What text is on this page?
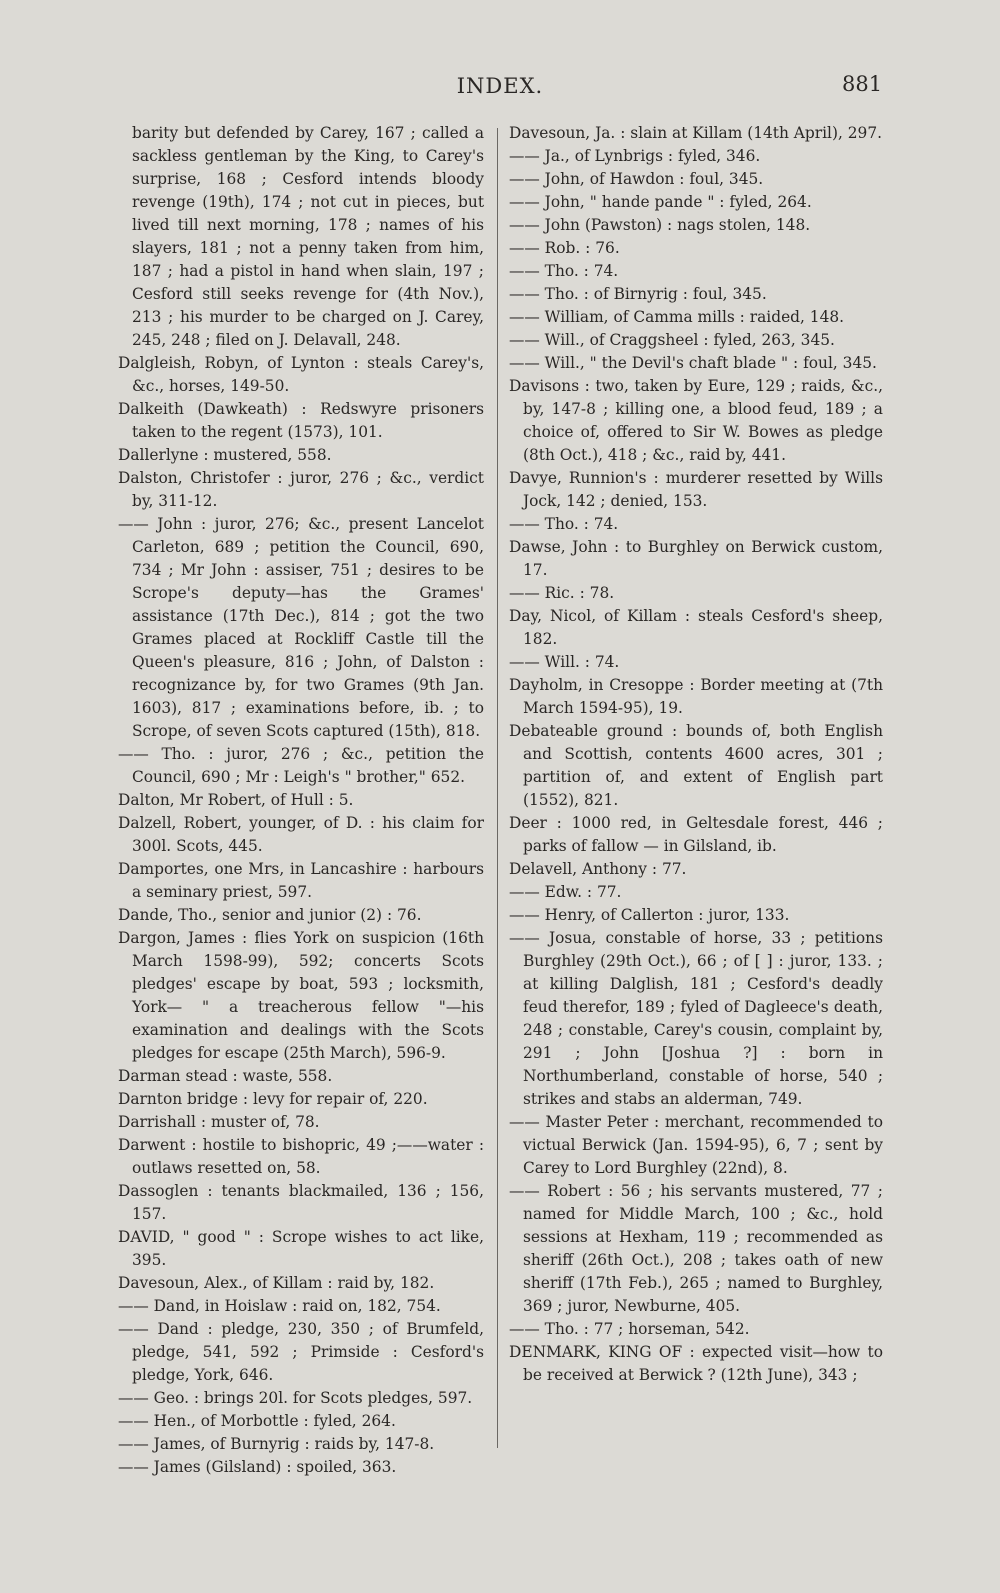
INDEX.	881

barity but defended by Carey, 167 ; called a sackless gentleman by the King, to Carey's surprise, 168 ; Cesford intends bloody revenge (19th), 174 ; not cut in pieces, but lived till next morning, 178 ; names of his slayers, 181 ; not a penny taken from him, 187 ; had a pistol in hand when slain, 197 ; Cesford still seeks revenge for (4th Nov.), 213 ; his murder to be charged on J. Carey, 245, 248 ; filed on J. Delavall, 248.

Dalgleish, Robyn, of Lynton : steals Carey's, &c., horses, 149-50.

Dalkeith (Dawkeath) : Redswyre prisoners taken to the regent (1573), 101.

Dallerlyne : mustered, 558.

Dalston, Christofer : juror, 276 ; &c., verdict by, 311-12.

—— John : juror, 276; &c., present Lancelot Carleton, 689 ; petition the Council, 690, 734 ; Mr John : assiser, 751 ; desires to be Scrope's deputy—has the Grames' assistance (17th Dec.), 814 ; got the two Grames placed at Rockliff Castle till the Queen's pleasure, 816 ; John, of Dalston : recognizance by, for two Grames (9th Jan. 1603), 817 ; examinations before, ib. ; to Scrope, of seven Scots captured (15th), 818.

—— Tho. : juror, 276 ; &c., petition the Council, 690 ; Mr : Leigh's " brother," 652.

Dalton, Mr Robert, of Hull : 5.

Dalzell, Robert, younger, of D. : his claim for 300l. Scots, 445.

Damportes, one Mrs, in Lancashire : harbours a seminary priest, 597.

Dande, Tho., senior and junior (2) : 76.

Dargon, James : flies York on suspicion (16th March 1598-99), 592; concerts Scots pledges' escape by boat, 593 ; locksmith, York— " a treacherous fellow "—his examination and dealings with the Scots pledges for escape (25th March), 596-9.

Darman stead : waste, 558.

Darnton bridge : levy for repair of, 220.

Darrishall : muster of, 78.

Darwent : hostile to bishopric, 49 ;——water : outlaws resetted on, 58.

Dassoglen : tenants blackmailed, 136 ; 156, 157.

DAVID, " good " : Scrope wishes to act like, 395.

Davesoun, Alex., of Killam : raid by, 182.

—— Dand, in Hoislaw : raid on, 182, 754.

—— Dand : pledge, 230, 350 ; of Brumfeld, pledge, 541, 592 ; Primside : Cesford's pledge, York, 646.

—— Geo. : brings 20l. for Scots pledges, 597.

—— Hen., of Morbottle : fyled, 264.

—— James, of Burnyrig : raids by, 147-8.

—— James (Gilsland) : spoiled, 363.

Davesoun, Ja. : slain at Killam (14th April), 297.

—— Ja., of Lynbrigs : fyled, 346.

—— John, of Hawdon : foul, 345.

—— John, " hande pande " : fyled, 264.

—— John (Pawston) : nags stolen, 148.

—— Rob. : 76.

—— Tho. : 74.

—— Tho. : of Birnyrig : foul, 345.

—— William, of Camma mills : raided, 148.

—— Will., of Craggsheel : fyled, 263, 345.

—— Will., " the Devil's chaft blade " : foul, 345.

Davisons : two, taken by Eure, 129 ; raids, &c., by, 147-8 ; killing one, a blood feud, 189 ; a choice of, offered to Sir W. Bowes as pledge (8th Oct.), 418 ; &c., raid by, 441.

Davye, Runnion's : murderer resetted by Wills Jock, 142 ; denied, 153.

—— Tho. : 74.

Dawse, John : to Burghley on Berwick custom, 17.

—— Ric. : 78.

Day, Nicol, of Killam : steals Cesford's sheep, 182.

—— Will. : 74.

Dayholm, in Cresoppe : Border meeting at (7th March 1594-95), 19.

Debateable ground : bounds of, both English and Scottish, contents 4600 acres, 301 ; partition of, and extent of English part (1552), 821.

Deer : 1000 red, in Geltesdale forest, 446 ; parks of fallow — in Gilsland, ib.

Delavell, Anthony : 77.

—— Edw. : 77.

—— Henry, of Callerton : juror, 133.

—— Josua, constable of horse, 33 ; petitions Burghley (29th Oct.), 66 ; of [ ] : juror, 133. ; at killing Dalglish, 181 ; Cesford's deadly feud therefor, 189 ; fyled of Dagleece's death, 248 ; constable, Carey's cousin, complaint by, 291 ; John [Joshua ?] : born in Northumberland, constable of horse, 540 ; strikes and stabs an alderman, 749.

—— Master Peter : merchant, recommended to victual Berwick (Jan. 1594-95), 6, 7 ; sent by Carey to Lord Burghley (22nd), 8.

—— Robert : 56 ; his servants mustered, 77 ; named for Middle March, 100 ; &c., hold sessions at Hexham, 119 ; recommended as sheriff (26th Oct.), 208 ; takes oath of new sheriff (17th Feb.), 265 ; named to Burghley, 369 ; juror, Newburne, 405.

—— Tho. : 77 ; horseman, 542.

DENMARK, KING OF : expected visit—how to be received at Berwick ? (12th June), 343 ;
